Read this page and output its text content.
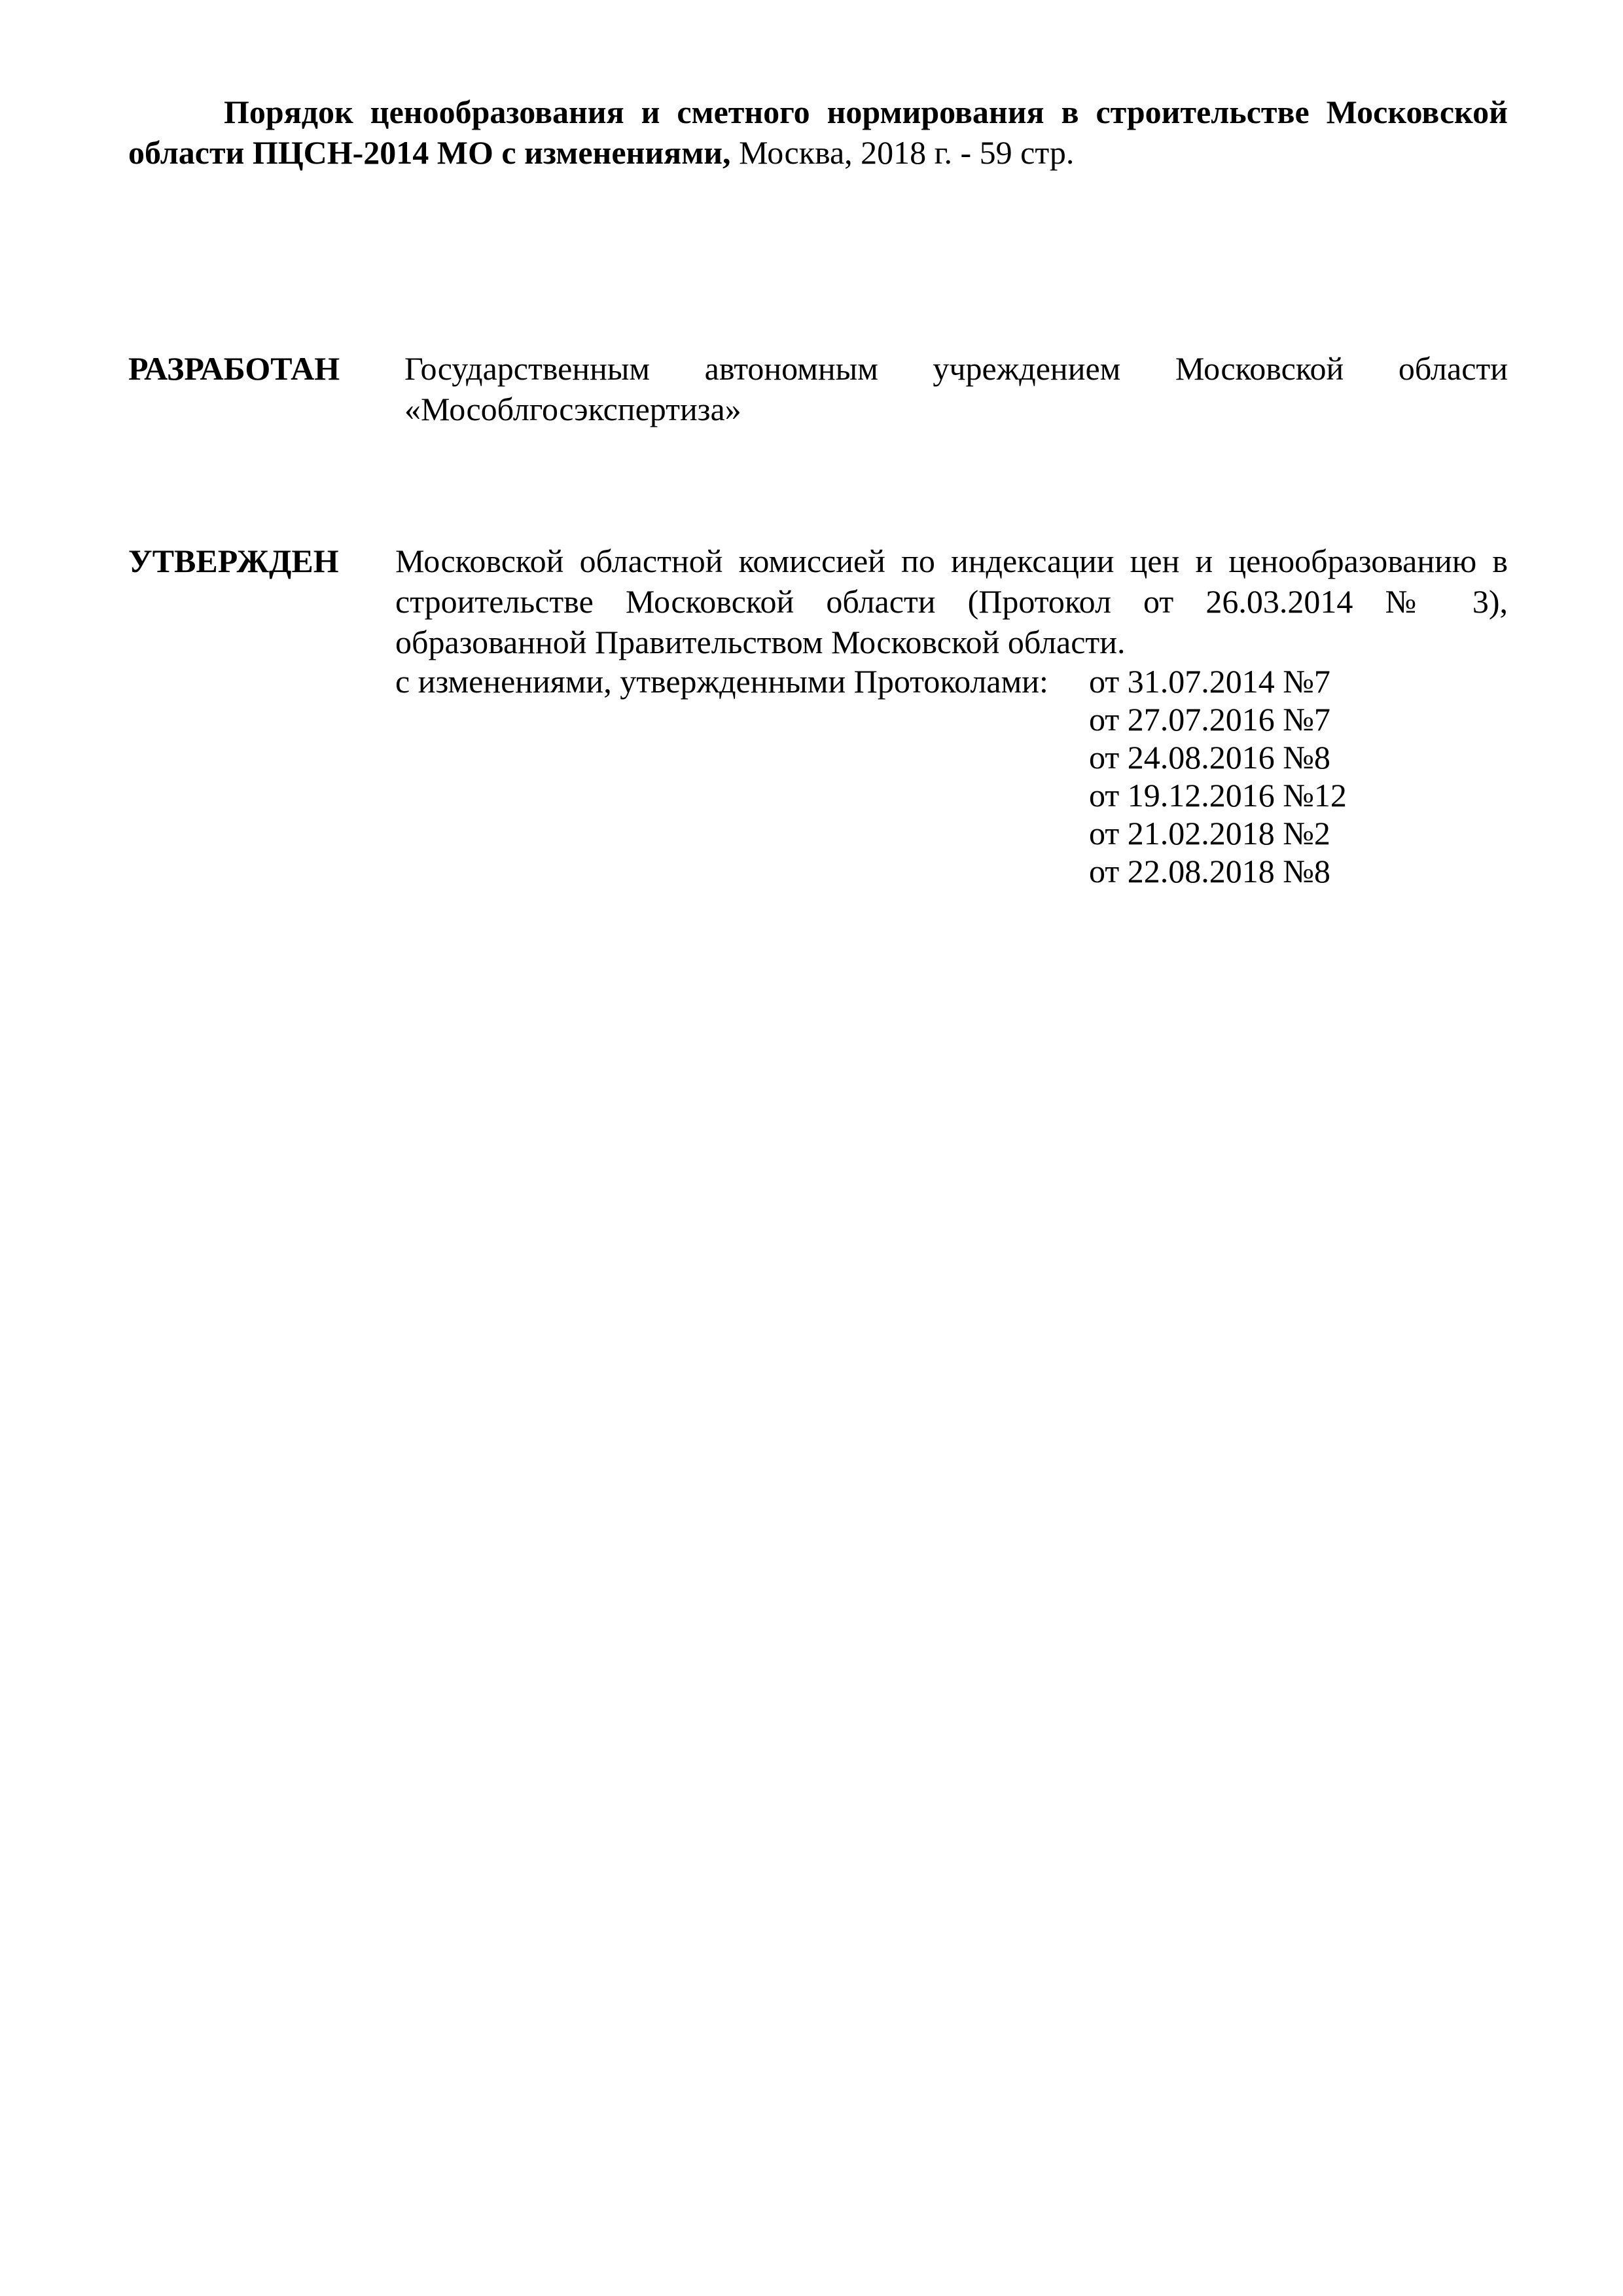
Порядок ценообразования и сметного нормирования в строительстве Московской области ПЦСН-2014 МО с изменениями, Москва, 2018 г. - 59 стр.
РАЗРАБОТАН Государственным автономным учреждением Московской области «Мособлгосэкспертиза»
УТВЕРЖДЕН Московской областной комиссией по индексации цен и ценообразованию в строительстве Московской области (Протокол от 26.03.2014 № 3), образованной Правительством Московской области.
с изменениями, утвержденными Протоколами: от 31.07.2014 №7
от 27.07.2016 №7
от 24.08.2016 №8
от 19.12.2016 №12
от 21.02.2018 №2
от 22.08.2018 №8
